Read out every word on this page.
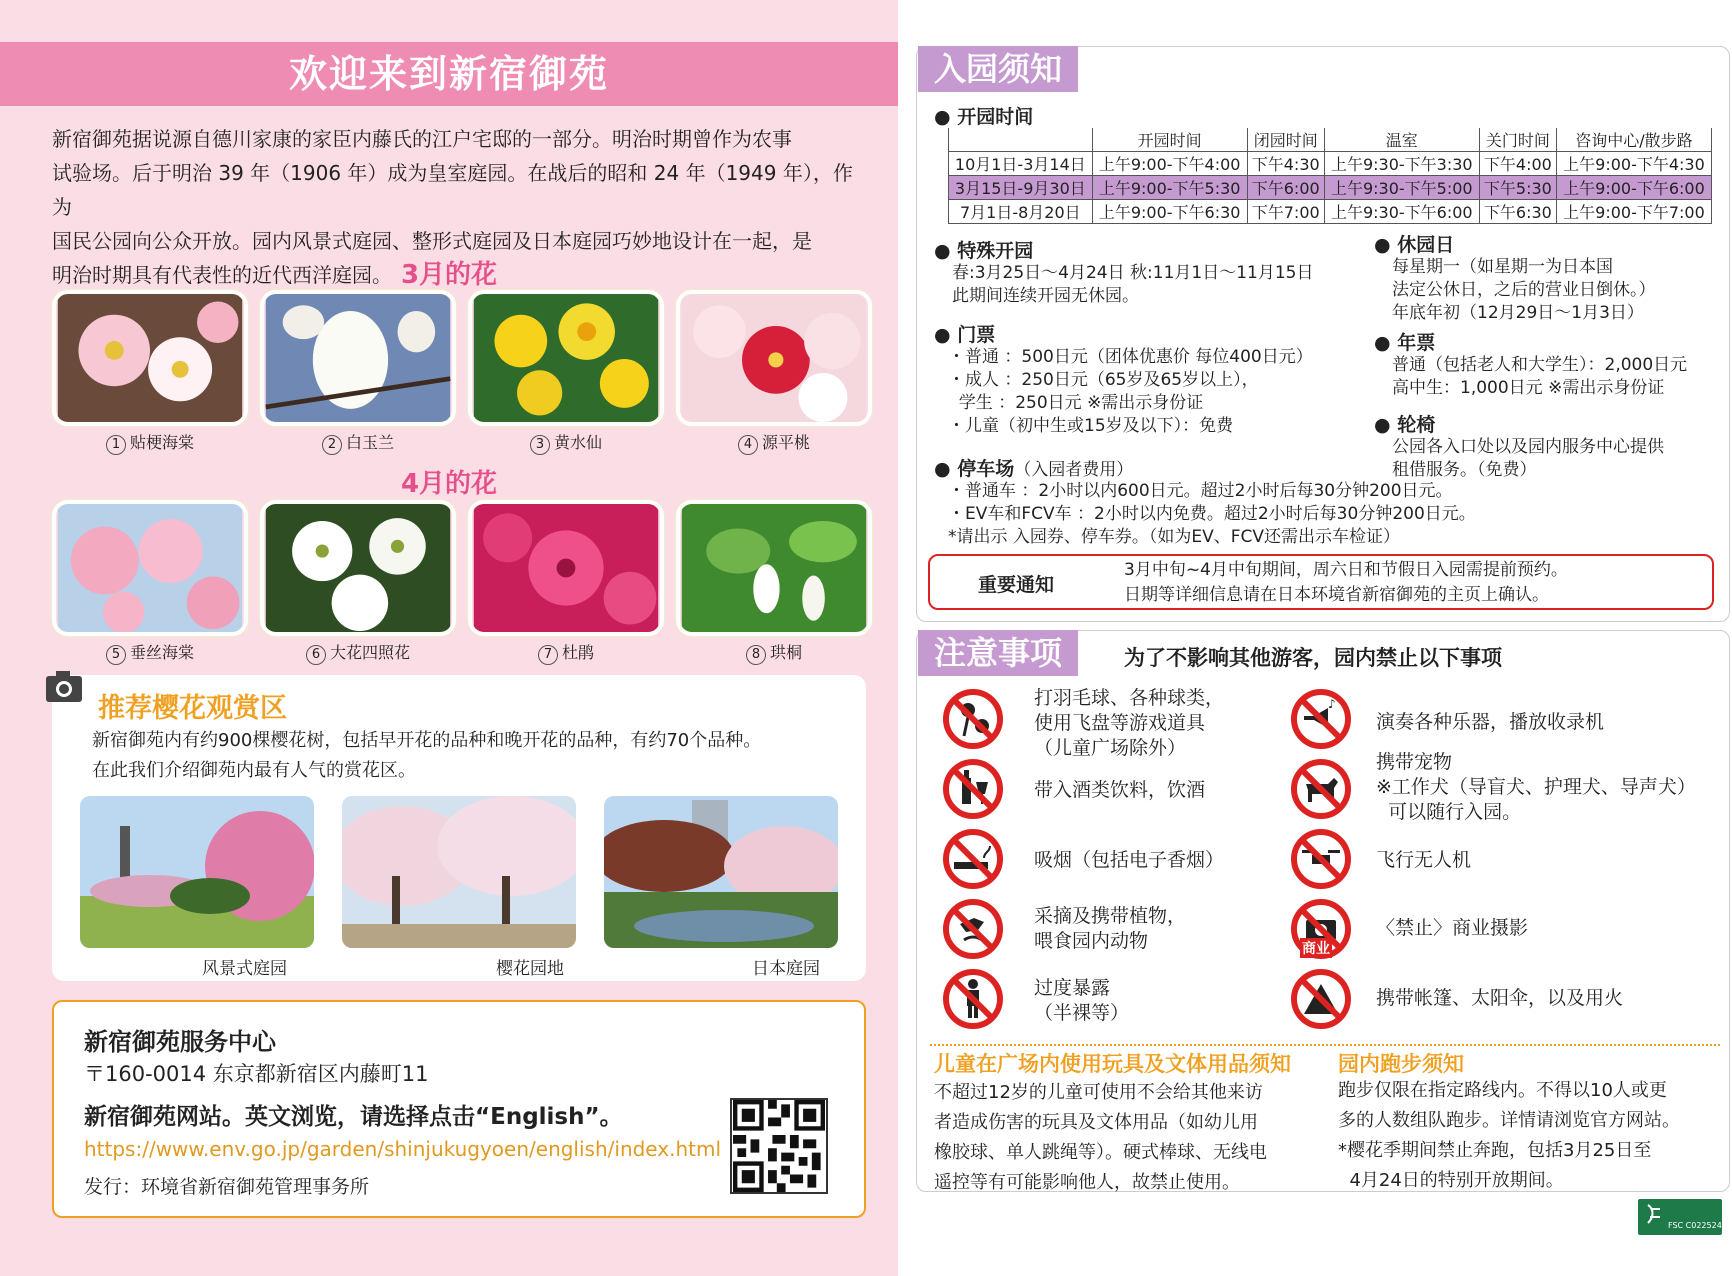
欢迎来到新宿御苑
新宿御苑据说源自德川家康的家臣内藤氏的江户宅邸的一部分。明治时期曾作为农事
试验场。后于明治 39 年（1906 年）成为皇室庭园。在战后的昭和 24 年（1949 年），作为
国民公园向公众开放。园内风景式庭园、整形式庭园及日本庭园巧妙地设计在一起，是
明治时期具有代表性的近代西洋庭园。 3月的花
1 贴梗海棠	2 白玉兰	3 黄水仙	4 源平桃
4月的花
5 垂丝海棠	6 大花四照花	7 杜鹃	8 珙桐
推荐樱花观赏区
新宿御苑内有约900棵樱花树，包括早开花的品种和晚开花的品种，有约70个品种。
在此我们介绍御苑内最有人气的赏花区。
风景式庭园	樱花园地	日本庭园
新宿御苑服务中心
〒160-0014 东京都新宿区内藤町11
新宿御苑网站。英文浏览，请选择点击“English”。
https://www.env.go.jp/garden/shinjukugyoen/english/index.html
发行：环境省新宿御苑管理事务所
入园须知
● 开园时间
	开园时间	闭园时间	温室	关门时间	咨询中心/散步路
10月1日-3月14日	上午9:00-下午4:00	下午4:30	上午9:30-下午3:30	下午4:00	上午9:00-下午4:30
3月15日-9月30日	上午9:00-下午5:30	下午6:00	上午9:30-下午5:00	下午5:30	上午9:00-下午6:00
7月1日-8月20日	上午9:00-下午6:30	下午7:00	上午9:30-下午6:00	下午6:30	上午9:00-下午7:00
● 特殊开园
春:3月25日～4月24日 秋:11月1日～11月15日
此期间连续开园无休园。
● 休园日
每星期一（如星期一为日本国
法定公休日，之后的营业日倒休。）
年底年初（12月29日～1月3日）
● 门票
・普通 ：500日元（团体优惠价 每位400日元）
・成人 ：250日元（65岁及65岁以上），
学生 ：250日元 ※需出示身份证
・儿童（初中生或15岁及以下）：免费
● 年票
普通（包括老人和大学生）：2,000日元
高中生：1,000日元 ※需出示身份证
● 轮椅
公园各入口处以及园内服务中心提供
租借服务。（免费）
● 停车场（入园者费用）
・普通车 ：2小时以内600日元。超过2小时后每30分钟200日元。
・EV车和FCV车 ：2小时以内免费。超过2小时后每30分钟200日元。
*请出示 入园券、停车券。（如为EV、FCV还需出示车检证）
重要通知
3月中旬~4月中旬期间，周六日和节假日入园需提前预约。
日期等详细信息请在日本环境省新宿御苑的主页上确认。
注意事项	为了不影响其他游客，园内禁止以下事项
打羽毛球、各种球类，
使用飞盘等游戏道具
（儿童广场除外）
带入酒类饮料，饮酒
吸烟（包括电子香烟）
采摘及携带植物，
喂食园内动物
过度暴露
（半裸等）
♪
商业
演奏各种乐器，播放收录机
携带宠物
※工作犬（导盲犬、护理犬、导声犬）
可以随行入园。
飞行无人机
〈禁止〉商业摄影
携带帐篷、太阳伞，以及用火
儿童在广场内使用玩具及文体用品须知
不超过12岁的儿童可使用不会给其他来访
者造成伤害的玩具及文体用品（如幼儿用
橡胶球、单人跳绳等）。硬式棒球、无线电
遥控等有可能影响他人，故禁止使用。
园内跑步须知
跑步仅限在指定路线内。不得以10人或更
多的人数组队跑步。详情请浏览官方网站。
*樱花季期间禁止奔跑，包括3月25日至
4月24日的特别开放期间。
FSC C022524
